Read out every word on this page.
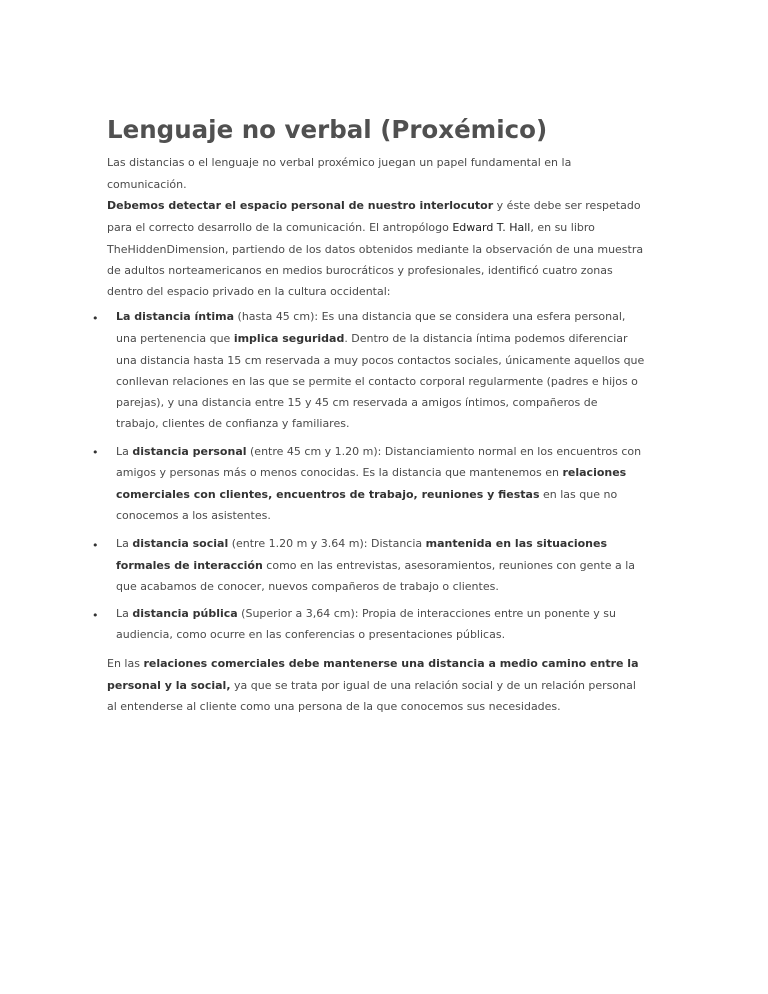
Lenguaje no verbal (Proxémico)
Las distancias o el lenguaje no verbal proxémico juegan un papel fundamental en la
comunicación.
Debemos detectar el espacio personal de nuestro interlocutor y éste debe ser respetado
para el correcto desarrollo de la comunicación. El antropólogo Edward T. Hall, en su libro
TheHiddenDimension, partiendo de los datos obtenidos mediante la observación de una muestra
de adultos norteamericanos en medios burocráticos y profesionales, identificó cuatro zonas
dentro del espacio privado en la cultura occidental:
• La distancia íntima (hasta 45 cm): Es una distancia que se considera una esfera personal,
una pertenencia que implica seguridad. Dentro de la distancia íntima podemos diferenciar
una distancia hasta 15 cm reservada a muy pocos contactos sociales, únicamente aquellos que
conllevan relaciones en las que se permite el contacto corporal regularmente (padres e hijos o
parejas), y una distancia entre 15 y 45 cm reservada a amigos íntimos, compañeros de
trabajo, clientes de confianza y familiares.
• La distancia personal (entre 45 cm y 1.20 m): Distanciamiento normal en los encuentros con
amigos y personas más o menos conocidas. Es la distancia que mantenemos en relaciones
comerciales con clientes, encuentros de trabajo, reuniones y fiestas en las que no
conocemos a los asistentes.
• La distancia social (entre 1.20 m y 3.64 m): Distancia mantenida en las situaciones
formales de interacción como en las entrevistas, asesoramientos, reuniones con gente a la
que acabamos de conocer, nuevos compañeros de trabajo o clientes.
• La distancia pública (Superior a 3,64 cm): Propia de interacciones entre un ponente y su
audiencia, como ocurre en las conferencias o presentaciones públicas.
En las relaciones comerciales debe mantenerse una distancia a medio camino entre la
personal y la social, ya que se trata por igual de una relación social y de un relación personal
al entenderse al cliente como una persona de la que conocemos sus necesidades.
